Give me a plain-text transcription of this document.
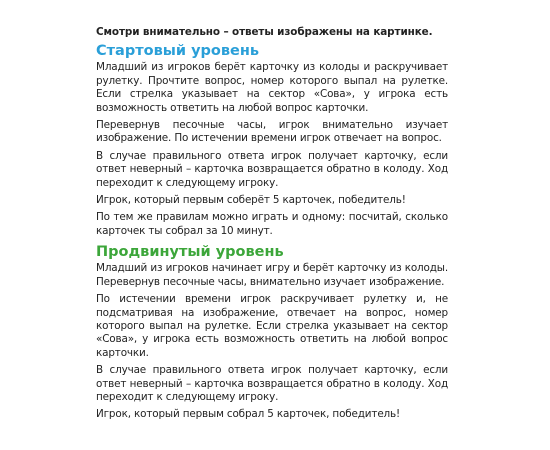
Смотри внимательно – ответы изображены на картинке.

Стартовый уровень

Младший из игроков берёт карточку из колоды и раскручивает рулетку. Прочтите вопрос, номер которого выпал на рулетке. Если стрелка указывает на сектор «Сова», у игрока есть возможность ответить на любой вопрос карточки.

Перевернув песочные часы, игрок внимательно изучает изображение. По истечении времени игрок отвечает на вопрос.

В случае правильного ответа игрок получает карточку, если ответ неверный – карточка возвращается обратно в колоду. Ход переходит к следующему игроку.

Игрок, который первым соберёт 5 карточек, победитель!

По тем же правилам можно играть и одному: посчитай, сколько карточек ты собрал за 10 минут.

Продвинутый уровень

Младший из игроков начинает игру и берёт карточку из колоды. Перевернув песочные часы, внимательно изучает изображение.

По истечении времени игрок раскручивает рулетку и, не подсматривая на изображение, отвечает на вопрос, номер которого выпал на рулетке. Если стрелка указывает на сектор «Сова», у игрока есть возможность ответить на любой вопрос карточки.

В случае правильного ответа игрок получает карточку, если ответ неверный – карточка возвращается обратно в колоду. Ход переходит к следующему игроку.

Игрок, который первым собрал 5 карточек, победитель!
